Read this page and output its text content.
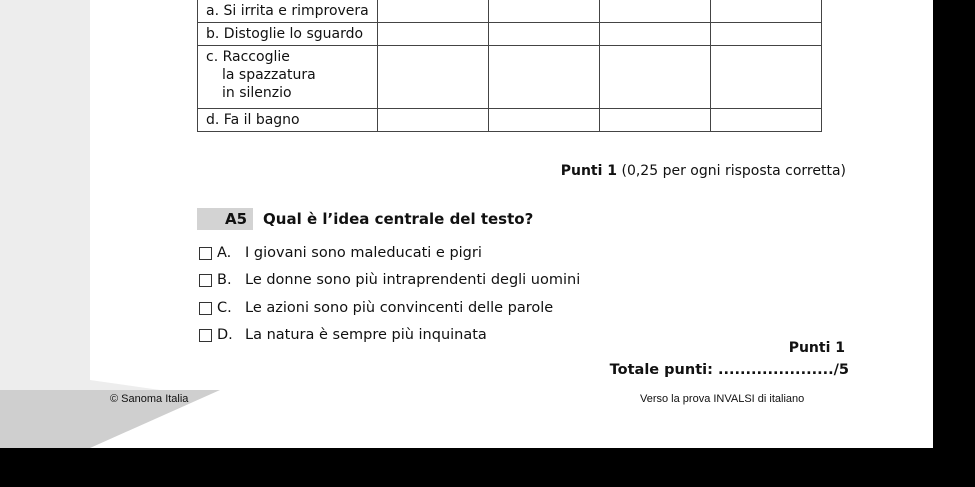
a. Si irrita e rimprovera				

b. Distoglie lo sguardo				

c. Raccoglie
la spazzatura
in silenzio				

d. Fa il bagno				

Punti 1 (0,25 per ogni risposta corretta)
A5	Qual è l’idea centrale del testo?
A. I giovani sono maleducati e pigri
B. Le donne sono più intraprendenti degli uomini
C. Le azioni sono più convincenti delle parole
D. La natura è sempre più inquinata
Punti 1
Totale punti: ...................../5
© Sanoma Italia	Verso la prova INVALSI di italiano
